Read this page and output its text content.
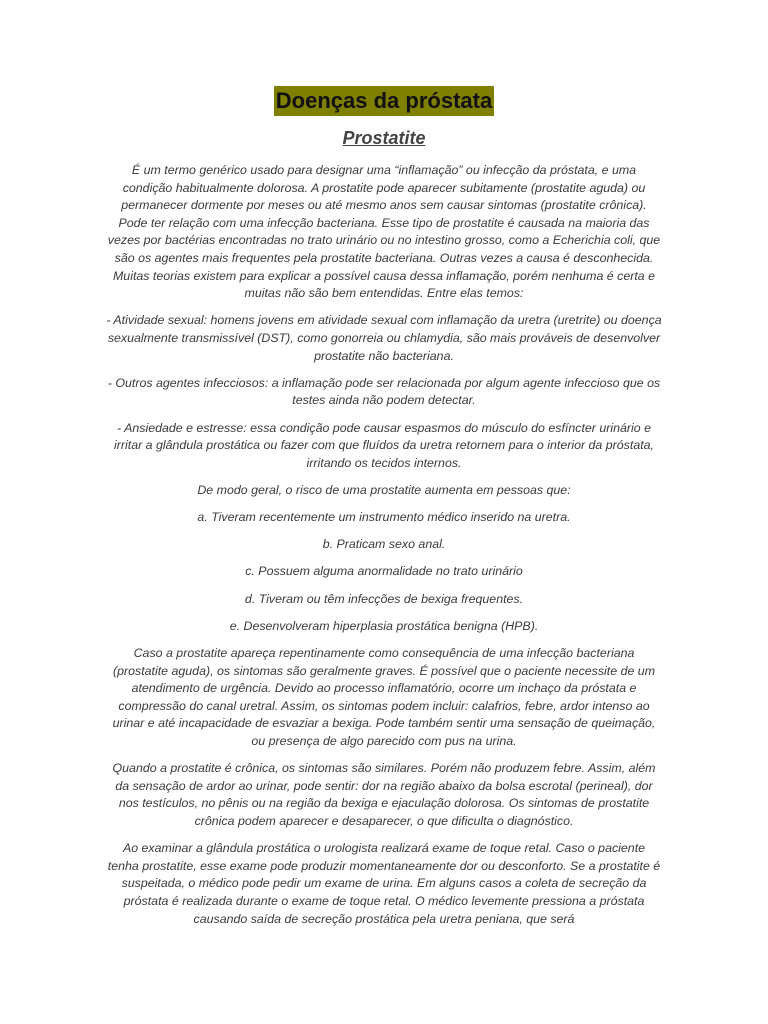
Doenças da próstata
Prostatite

É um termo genérico usado para designar uma “inflamação” ou infecção da próstata, e uma condição habitualmente dolorosa. A prostatite pode aparecer subitamente (prostatite aguda) ou permanecer dormente por meses ou até mesmo anos sem causar sintomas (prostatite crônica). Pode ter relação com uma infecção bacteriana. Esse tipo de prostatite é causada na maioria das vezes por bactérias encontradas no trato urinário ou no intestino grosso, como a Echerichia coli, que são os agentes mais frequentes pela prostatite bacteriana. Outras vezes a causa é desconhecida. Muitas teorias existem para explicar a possível causa dessa inflamação, porém nenhuma é certa e muitas não são bem entendidas. Entre elas temos:

- Atividade sexual: homens jovens em atividade sexual com inflamação da uretra (uretrite) ou doença sexualmente transmissível (DST), como gonorreia ou chlamydia, são mais prováveis de desenvolver prostatite não bacteriana.

- Outros agentes infecciosos: a inflamação pode ser relacionada por algum agente infeccioso que os testes ainda não podem detectar.

- Ansiedade e estresse: essa condição pode causar espasmos do músculo do esfíncter urinário e irritar a glândula prostática ou fazer com que fluídos da uretra retornem para o interior da próstata, irritando os tecidos internos.

De modo geral, o risco de uma prostatite aumenta em pessoas que:

a. Tiveram recentemente um instrumento médico inserido na uretra.

b. Praticam sexo anal.

c. Possuem alguma anormalidade no trato urinário

d. Tiveram ou têm infecções de bexiga frequentes.

e. Desenvolveram hiperplasia prostática benigna (HPB).

Caso a prostatite apareça repentinamente como consequência de uma infecção bacteriana (prostatite aguda), os sintomas são geralmente graves. É possível que o paciente necessite de um atendimento de urgência. Devido ao processo inflamatório, ocorre um inchaço da próstata e compressão do canal uretral. Assim, os sintomas podem incluir: calafrios, febre, ardor intenso ao urinar e até incapacidade de esvaziar a bexiga. Pode também sentir uma sensação de queimação, ou presença de algo parecido com pus na urina.

Quando a prostatite é crônica, os sintomas são similares. Porém não produzem febre. Assim, além da sensação de ardor ao urinar, pode sentir: dor na região abaixo da bolsa escrotal (perineal), dor nos testículos, no pênis ou na região da bexiga e ejaculação dolorosa. Os sintomas de prostatite crônica podem aparecer e desaparecer, o que dificulta o diagnóstico.

Ao examinar a glândula prostática o urologista realizará exame de toque retal. Caso o paciente tenha prostatite, esse exame pode produzir momentaneamente dor ou desconforto. Se a prostatite é suspeitada, o médico pode pedir um exame de urina. Em alguns casos a coleta de secreção da próstata é realizada durante o exame de toque retal. O médico levemente pressiona a próstata causando saída de secreção prostática pela uretra peniana, que será
